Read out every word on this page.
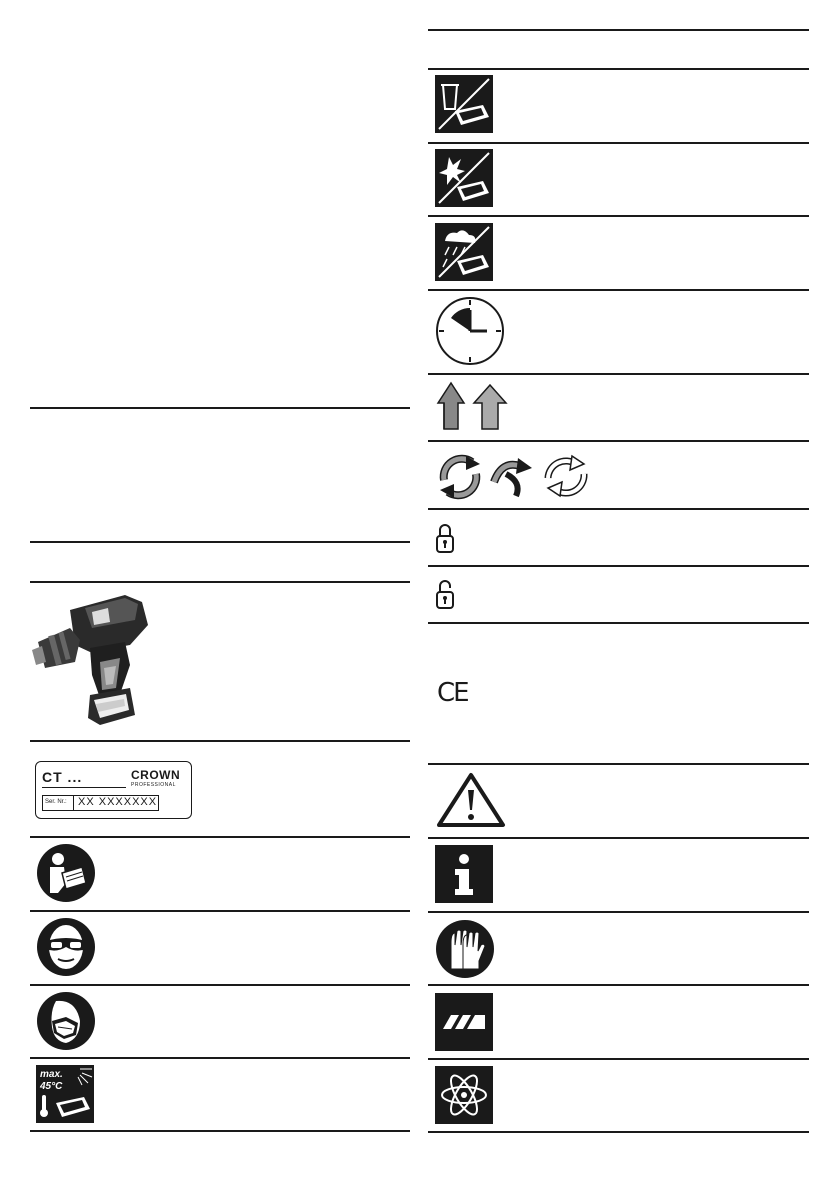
CT ...	CROWN
PROFESSIONAL
Ser. Nr.: XX XXXXXXX
max.
45°C
CE
